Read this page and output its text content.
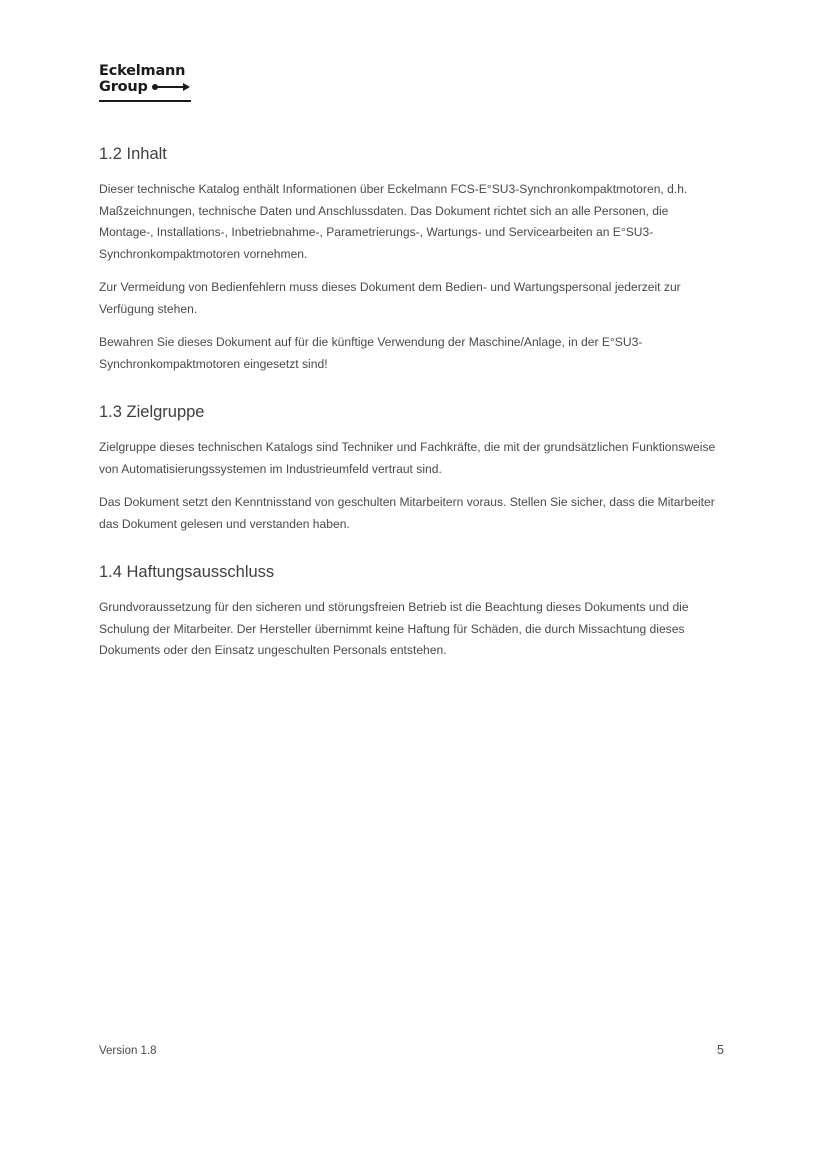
Eckelmann
Group
1.2 Inhalt

Dieser technische Katalog enthält Informationen über Eckelmann FCS-E°SU3-Synchronkompaktmotoren, d.h. Maßzeichnungen, technische Daten und Anschlussdaten. Das Dokument richtet sich an alle Personen, die Montage-, Installations-, Inbetriebnahme-, Parametrierungs-, Wartungs- und Servicearbeiten an E°SU3-Synchronkompaktmotoren vornehmen.

Zur Vermeidung von Bedienfehlern muss dieses Dokument dem Bedien- und Wartungspersonal jederzeit zur Verfügung stehen.

Bewahren Sie dieses Dokument auf für die künftige Verwendung der Maschine/Anlage, in der E°SU3-Synchronkompaktmotoren eingesetzt sind!

1.3 Zielgruppe

Zielgruppe dieses technischen Katalogs sind Techniker und Fachkräfte, die mit der grundsätzlichen Funktionsweise von Automatisierungssystemen im Industrieumfeld vertraut sind.

Das Dokument setzt den Kenntnisstand von geschulten Mitarbeitern voraus. Stellen Sie sicher, dass die Mitarbeiter das Dokument gelesen und verstanden haben.

1.4 Haftungsausschluss

Grundvoraussetzung für den sicheren und störungsfreien Betrieb ist die Beachtung dieses Dokuments und die Schulung der Mitarbeiter. Der Hersteller übernimmt keine Haftung für Schäden, die durch Missachtung dieses Dokuments oder den Einsatz ungeschulten Personals entstehen.

Version 1.8	5
